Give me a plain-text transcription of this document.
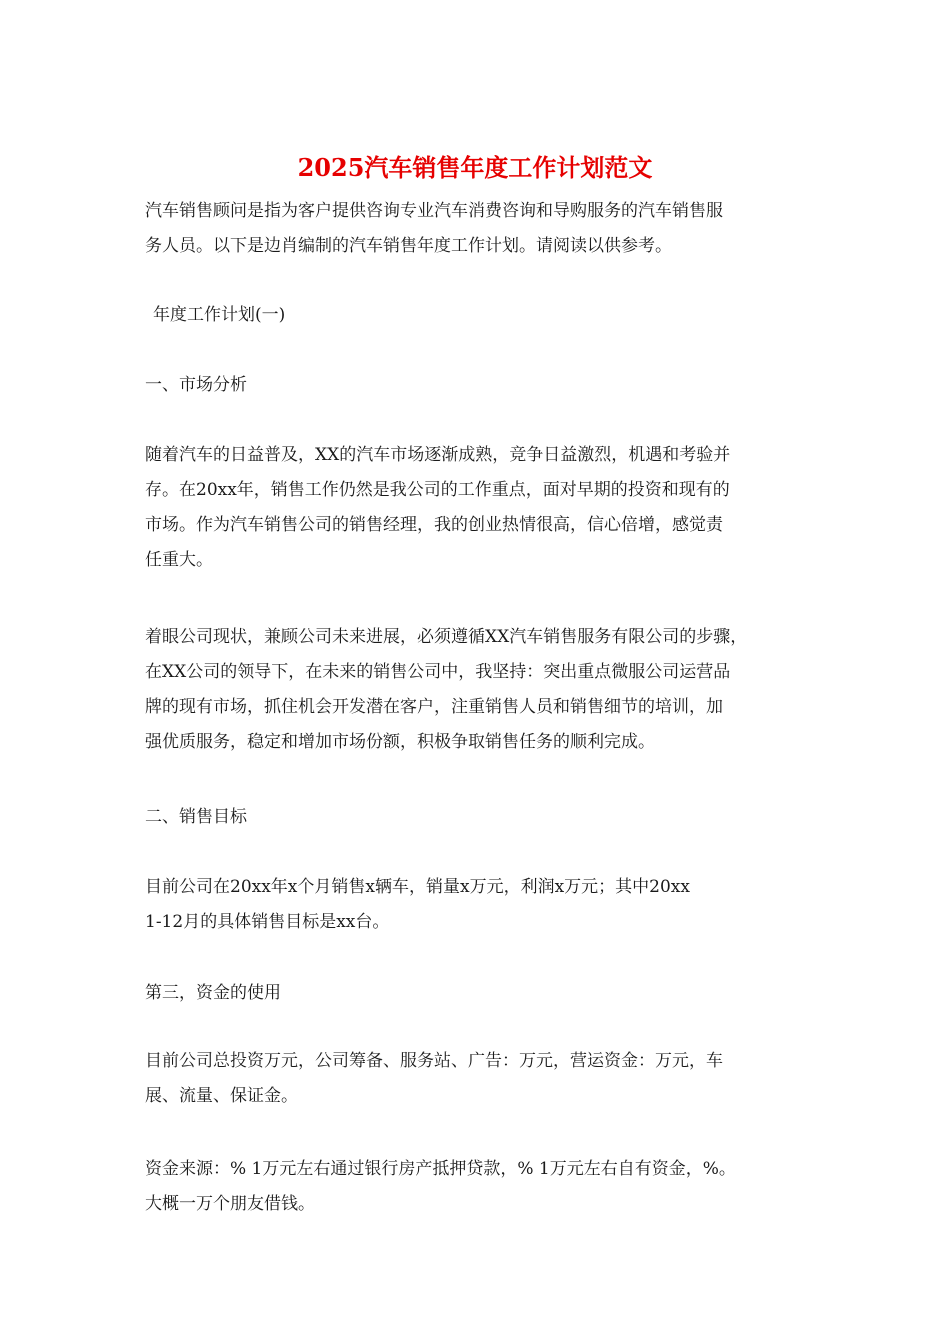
2025汽车销售年度工作计划范文
汽车销售顾问是指为客户提供咨询专业汽车消费咨询和导购服务的汽车销售服
务人员。以下是边肖编制的汽车销售年度工作计划。请阅读以供参考。
年度工作计划(一)
一、市场分析
随着汽车的日益普及，XX的汽车市场逐渐成熟，竞争日益激烈，机遇和考验并
存。在20xx年，销售工作仍然是我公司的工作重点，面对早期的投资和现有的
市场。作为汽车销售公司的销售经理，我的创业热情很高，信心倍增，感觉责
任重大。
着眼公司现状，兼顾公司未来进展，必须遵循XX汽车销售服务有限公司的步骤，
在XX公司的领导下，在未来的销售公司中，我坚持：突出重点微服公司运营品
牌的现有市场，抓住机会开发潜在客户，注重销售人员和销售细节的培训，加
强优质服务，稳定和增加市场份额，积极争取销售任务的顺利完成。
二、销售目标
目前公司在20xx年x个月销售x辆车，销量x万元，利润x万元；其中20xx
1-12月的具体销售目标是xx台。
第三，资金的使用
目前公司总投资万元，公司筹备、服务站、广告：万元，营运资金：万元，车
展、流量、保证金。
资金来源：% 1万元左右通过银行房产抵押贷款，% 1万元左右自有资金，%。
大概一万个朋友借钱。
